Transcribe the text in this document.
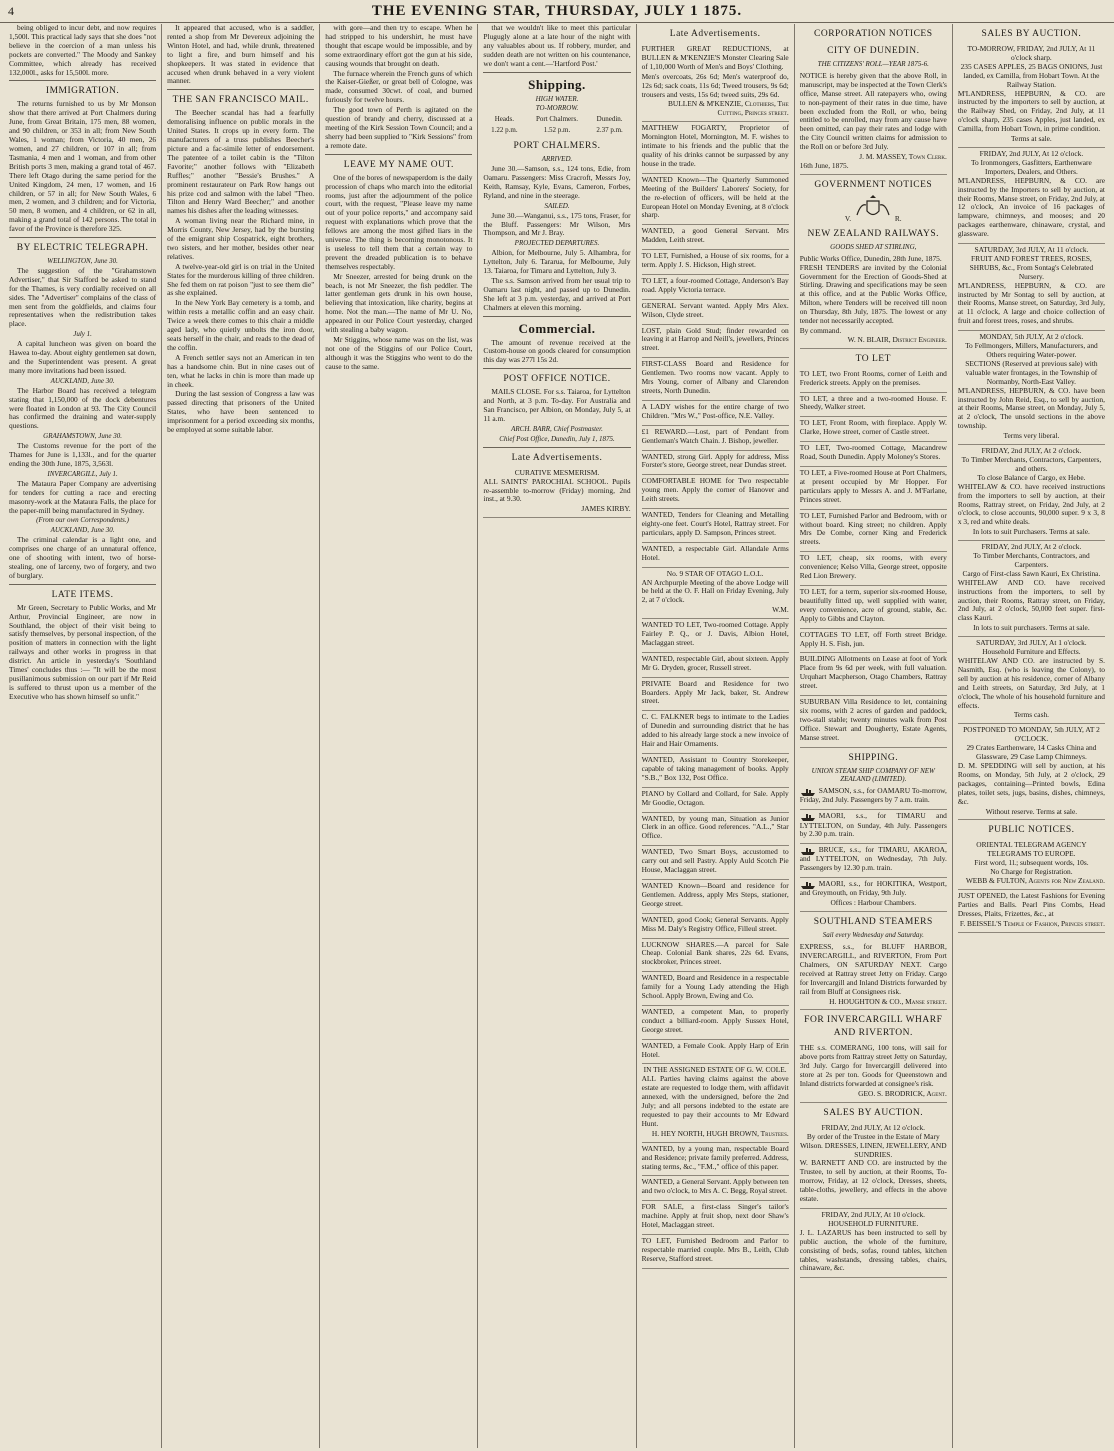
4	THE EVENING STAR, THURSDAY, JULY 1 1875.

being obliged to incur debt, and now requires 1,500l. This practical lady says that she does "not believe in the coercion of a man unless his pockets are converted." The Moody and Sankey Committee, which already has received 132,000l., asks for 15,500l. more.

IMMIGRATION.

The returns furnished to us by Mr Monson show that there arrived at Port Chalmers during June, from Great Britain, 175 men, 88 women, and 90 children, or 353 in all; from New South Wales, 1 woman; from Victoria, 40 men, 26 women, and 27 children, or 107 in all; from Tasmania, 4 men and 1 woman, and from other British ports 3 men, making a grand total of 467. There left Otago during the same period for the United Kingdom, 24 men, 17 women, and 16 children, or 57 in all; for New South Wales, 6 men, 2 women, and 3 children; and for Victoria, 50 men, 8 women, and 4 children, or 62 in all, making a grand total of 142 persons. The total in favor of the Province is therefore 325.

BY ELECTRIC TELEGRAPH.
WELLINGTON, June 30.

The suggestion of the "Grahamstown Advertiser," that Sir Stafford be asked to stand for the Thames, is very cordially received on all sides. The "Advertiser" complains of the class of men sent from the goldfields, and claims four representatives when the redistribution takes place.

July 1.

A capital luncheon was given on board the Hawea to-day. About eighty gentlemen sat down, and the Superintendent was present. A great many more invitations had been issued.

AUCKLAND, June 30.

The Harbor Board has received a telegram stating that 1,150,000 of the dock debentures were floated in London at 93. The City Council has confirmed the draining and water-supply questions.

GRAHAMSTOWN, June 30.

The Customs revenue for the port of the Thames for June is 1,133l., and for the quarter ending the 30th June, 1875, 3,563l.

INVERCARGILL, July 1.

The Mataura Paper Company are advertising for tenders for cutting a race and erecting masonry-work at the Mataura Falls, the place for the paper-mill being manufactured in Sydney.

(From our own Correspondents.)
AUCKLAND, June 30.

The criminal calendar is a light one, and comprises one charge of an unnatural offence, one of shooting with intent, two of horse-stealing, one of larceny, two of forgery, and two of burglary.

LATE ITEMS.

Mr Green, Secretary to Public Works, and Mr Arthur, Provincial Engineer, are now in Southland, the object of their visit being to satisfy themselves, by personal inspection, of the position of matters in connection with the light railways and other works in progress in that district. An article in yesterday's 'Southland Times' concludes thus :— "It will be the most pusillanimous submission on our part if Mr Reid is suffered to thrust upon us a member of the Executive who has shown himself so unfit."

It appeared that accused, who is a saddler, rented a shop from Mr Devereux adjoining the Winton Hotel, and had, while drunk, threatened to light a fire, and burn himself and his shopkeepers. It was stated in evidence that accused when drunk behaved in a very violent manner.

THE SAN FRANCISCO MAIL.

The Beecher scandal has had a fearfully demoralising influence on public morals in the United States. It crops up in every form. The manufacturers of a truss publishes Beecher's picture and a fac-simile letter of endorsement. The patentee of a toilet cabin is the "Tilton Favorite;" another follows with "Elizabeth Ruffles;" another "Bessie's Brushes." A prominent restaurateur on Park Row hangs out his prize cod and salmon with the label "Theo. Tilton and Henry Ward Beecher;" and another names his dishes after the leading witnesses.

A woman living near the Richard mine, in Morris County, New Jersey, had by the bursting of the emigrant ship Cospatrick, eight brothers, two sisters, and her mother, besides other near relatives.

A twelve-year-old girl is on trial in the United States for the murderous killing of three children. She fed them on rat poison "just to see them die" as she explained.

In the New York Bay cemetery is a tomb, and within rests a metallic coffin and an easy chair. Twice a week there comes to this chair a middle aged lady, who quietly unbolts the iron door, seats herself in the chair, and reads to the dead of the coffin.

A French settler says not an American in ten has a handsome chin. But in nine cases out of ten, what he lacks in chin is more than made up in cheek.

During the last session of Congress a law was passed directing that prisoners of the United States, who have been sentenced to imprisonment for a period exceeding six months, be employed at some suitable labor.

with gore—and then try to escape. When he had stripped to his undershirt, he must have thought that escape would be impossible, and by some extraordinary effort got the gun at his side, causing wounds that brought on death.

The furnace wherein the French guns of which the Kaiser-Gießer, or great bell of Cologne, was made, consumed 30cwt. of coal, and burned furiously for twelve hours.

The good town of Perth is agitated on the question of brandy and cherry, discussed at a meeting of the Kirk Session Town Council; and a sherry had been supplied to "Kirk Sessions" from a remote date.

LEAVE MY NAME OUT.

One of the bores of newspaperdom is the daily procession of chaps who march into the editorial rooms, just after the adjournment of the police court, with the request, "Please leave my name out of your police reports," and accompany said request with explanations which prove that the fellows are among the most gifted liars in the universe. The thing is becoming monotonous. It is useless to tell them that a certain way to prevent the dreaded publication is to behave themselves respectably.

Mr Sneezer, arrested for being drunk on the beach, is not Mr Sneezer, the fish peddler. The latter gentleman gets drunk in his own house, believing that intoxication, like charity, begins at home. Not the man.—The name of Mr U. No, appeared in our Police Court yesterday, charged with stealing a baby wagon.

Mr Stiggins, whose name was on the list, was not one of the Stiggins of our Police Court, although it was the Stiggins who went to do the cause to the same.

that we wouldn't like to meet this particular Plugugly alone at a late hour of the night with any valuables about us. If robbery, murder, and sudden death are not written on his countenance, we don't want a cent.—'Hartford Post.'

Shipping.
HIGH WATER.
TO-MORROW.
Heads.	Port Chalmers.	Dunedin.
1.22 p.m.	1.52 p.m.	2.37 p.m.
PORT CHALMERS.
ARRIVED.

June 30.—Samson, s.s., 124 tons, Edie, from Oamaru. Passengers: Miss Cracroft, Messrs Joy, Keith, Ramsay, Kyle, Evans, Cameron, Forbes, Ryland, and nine in the steerage.

SAILED.

June 30.—Wanganui, s.s., 175 tons, Fraser, for the Bluff. Passengers: Mr Wilson, Mrs Thompson, and Mr J. Bray.

PROJECTED DEPARTURES.

Albion, for Melbourne, July 5. Alhambra, for Lyttelton, July 6. Tararua, for Melbourne, July 13. Taiaroa, for Timaru and Lyttelton, July 3.

The s.s. Samson arrived from her usual trip to Oamaru last night, and passed up to Dunedin. She left at 3 p.m. yesterday, and arrived at Port Chalmers at eleven this morning.

Commercial.

The amount of revenue received at the Custom-house on goods cleared for consumption this day was 277l 15s 2d.

POST OFFICE NOTICE.

MAILS CLOSE. For s.s. Taiaroa, for Lyttelton and North, at 3 p.m. To-day. For Australia and San Francisco, per Albion, on Monday, July 5, at 11 a.m.

ARCH. BARR, Chief Postmaster.
Chief Post Office, Dunedin, July 1, 1875.
Late Advertisements.
CURATIVE MESMERISM.

ALL SAINTS' PAROCHIAL SCHOOL. Pupils re-assemble to-morrow (Friday) morning, 2nd inst., at 9.30.

JAMES KIRBY.
Late Advertisements.

FURTHER GREAT REDUCTIONS, at BULLEN & M'KENZIE'S Monster Clearing Sale of 1,10,000 Worth of Men's and Boys' Clothing.

Men's overcoats, 26s 6d; Men's waterproof do, 12s 6d; sack coats, 11s 6d; Tweed trousers, 9s 6d; trousers and vests, 15s 6d; tweed suits, 29s 6d.

BULLEN & M'KENZIE, Clothiers, The Cutting, Princes street.

MATTHEW FOGARTY, Proprietor of Mornington Hotel, Mornington, M. F. wishes to intimate to his friends and the public that the quality of his drinks cannot be surpassed by any house in the trade.

WANTED Known—The Quarterly Summoned Meeting of the Builders' Laborers' Society, for the re-election of officers, will be held at the European Hotel on Monday Evening, at 8 o'clock sharp.

WANTED, a good General Servant. Mrs Madden, Leith street.

TO LET, Furnished, a House of six rooms, for a term. Apply J. S. Hickson, High street.

TO LET, a four-roomed Cottage, Anderson's Bay road. Apply Victoria terrace.

GENERAL Servant wanted. Apply Mrs Alex. Wilson, Clyde street.

LOST, plain Gold Stud; finder rewarded on leaving it at Harrop and Neill's, jewellers, Princes street.

FIRST-CLASS Board and Residence for Gentlemen. Two rooms now vacant. Apply to Mrs Young, corner of Albany and Clarendon streets, North Dunedin.

A LADY wishes for the entire charge of two Children. "Mrs W.," Post-office, N.E. Valley.

£1 REWARD.—Lost, part of Pendant from Gentleman's Watch Chain. J. Bishop, jeweller.

WANTED, strong Girl. Apply for address, Miss Forster's store, George street, near Dundas street.

COMFORTABLE HOME for Two respectable young men. Apply the corner of Hanover and Leith streets.

WANTED, Tenders for Cleaning and Metalling eighty-one feet. Court's Hotel, Rattray street. For particulars, apply D. Sampson, Princes street.

WANTED, a respectable Girl. Allandale Arms Hotel.

No. 9 STAR OF OTAGO L.O.L.

AN Archpurple Meeting of the above Lodge will be held at the O. F. Hall on Friday Evening, July 2, at 7 o'clock.

W.M.

WANTED TO LET, Two-roomed Cottage. Apply Fairley P. Q., or J. Davis, Albion Hotel, Maclaggan street.

WANTED, respectable Girl, about sixteen. Apply Mr G. Dryden, grocer, Russell street.

PRIVATE Board and Residence for two Boarders. Apply Mr Jack, baker, St. Andrew street.

C. C. FALKNER begs to intimate to the Ladies of Dunedin and surrounding district that he has added to his already large stock a new invoice of Hair and Hair Ornaments.

WANTED, Assistant to Country Storekeeper, capable of taking management of books. Apply "S.B.," Box 132, Post Office.

PIANO by Collard and Collard, for Sale. Apply Mr Goodie, Octagon.

WANTED, by young man, Situation as Junior Clerk in an office. Good references. "A.L.," Star Office.

WANTED, Two Smart Boys, accustomed to carry out and sell Pastry. Apply Auld Scotch Pie House, Maclaggan street.

WANTED Known—Board and residence for Gentlemen. Address, apply Mrs Steps, stationer, George street.

WANTED, good Cook; General Servants. Apply Miss M. Daly's Registry Office, Filleul street.

LUCKNOW SHARES.—A parcel for Sale Cheap. Colonial Bank shares, 22s 6d. Evans, stockbroker, Princes street.

WANTED, Board and Residence in a respectable family for a Young Lady attending the High School. Apply Brown, Ewing and Co.

WANTED, a competent Man, to properly conduct a billiard-room. Apply Sussex Hotel, George street.

WANTED, a Female Cook. Apply Harp of Erin Hotel.

IN THE ASSIGNED ESTATE OF G. W. COLE.

ALL Parties having claims against the above estate are requested to lodge them, with affidavit annexed, with the undersigned, before the 2nd July; and all persons indebted to the estate are requested to pay their accounts to Mr Edward Hunt.

H. HEY NORTH, HUGH BROWN, Trustees.

WANTED, by a young man, respectable Board and Residence; private family preferred. Address, stating terms, &c., "F.M.," office of this paper.

WANTED, a General Servant. Apply between ten and two o'clock, to Mrs A. C. Begg, Royal street.

FOR SALE, a first-class Singer's tailor's machine. Apply at fruit shop, next door Shaw's Hotel, Maclaggan street.

TO LET, Furnished Bedroom and Parlor to respectable married couple. Mrs B., Leith, Club Reserve, Stafford street.

CORPORATION NOTICES
CITY OF DUNEDIN.
THE CITIZENS' ROLL—YEAR 1875-6.

NOTICE is hereby given that the above Roll, in manuscript, may be inspected at the Town Clerk's office, Manse street. All ratepayers who, owing to non-payment of their rates in due time, have been excluded from the Roll, or who, being entitled to be enrolled, may from any cause have been omitted, can pay their rates and lodge with the City Council written claims for admission to the Roll on or before 3rd July.

J. M. MASSEY, Town Clerk.
16th June, 1875.
GOVERNMENT NOTICES
V.	R.
NEW ZEALAND RAILWAYS.
GOODS SHED AT STIRLING,
Public Works Office, Dunedin, 28th June, 1875.

FRESH TENDERS are invited by the Colonial Government for the Erection of Goods-Shed at Stirling. Drawing and specifications may be seen at this office, and at the Public Works Office, Milton, where Tenders will be received till noon on Thursday, 8th July, 1875. The lowest or any tender not necessarily accepted.

By command.
W. N. BLAIR, District Engineer.
TO LET

TO LET, two Front Rooms, corner of Leith and Frederick streets. Apply on the premises.

TO LET, a three and a two-roomed House. F. Sheedy, Walker street.

TO LET, Front Room, with fireplace. Apply W. Clarke, Howe street, corner of Castle street.

TO LET, Two-roomed Cottage, Macandrew Road, South Dunedin. Apply Moloney's Stores.

TO LET, a Five-roomed House at Port Chalmers, at present occupied by Mr Hopper. For particulars apply to Messrs A. and J. M'Farlane, Princes street.

TO LET, Furnished Parlor and Bedroom, with or without board. King street; no children. Apply Mrs De Combe, corner King and Frederick streets.

TO LET, cheap, six rooms, with every convenience; Kelso Villa, George street, opposite Red Lion Brewery.

TO LET, for a term, superior six-roomed House, beautifully fitted up, well supplied with water, every convenience, acre of ground, stable, &c. Apply to Gibbs and Clayton.

COTTAGES TO LET, off Forth street Bridge. Apply H. S. Fish, jun.

BUILDING Allotments on Lease at foot of York Place from 9s 6d per week, with full valuation. Urquhart Macpherson, Otago Chambers, Rattray street.

SUBURBAN Villa Residence to let, containing six rooms, with 2 acres of garden and paddock, two-stall stable; twenty minutes walk from Post Office. Stewart and Dougherty, Estate Agents, Manse street.

SHIPPING.
UNION STEAM SHIP COMPANY OF NEW ZEALAND (LIMITED).

SAMSON, s.s., for OAMARU To-morrow, Friday, 2nd July. Passengers by 7 a.m. train.

MAORI, s.s., for TIMARU and LYTTELTON, on Sunday, 4th July. Passengers by 2.30 p.m. train.

BRUCE, s.s., for TIMARU, AKAROA, and LYTTELTON, on Wednesday, 7th July. Passengers by 12.30 p.m. train.

MAORI, s.s., for HOKITIKA, Westport, and Greymouth, on Friday, 9th July.

Offices : Harbour Chambers.
SOUTHLAND STEAMERS
Sail every Wednesday and Saturday.

EXPRESS, s.s., for BLUFF HARBOR, INVERCARGILL, and RIVERTON, From Port Chalmers, ON SATURDAY NEXT. Cargo received at Rattray street Jetty on Friday. Cargo for Invercargill and Inland Districts forwarded by rail from Bluff at Consignees risk.

H. HOUGHTON & CO., Manse street.
FOR INVERCARGILL WHARF AND RIVERTON.

THE s.s. COMERANG, 100 tons, will sail for above ports from Rattray street Jetty on Saturday, 3rd July. Cargo for Invercargill delivered into store at 2s per ton. Goods for Queenstown and Inland districts forwarded at consignee's risk.

GEO. S. BRODRICK, Agent.
SALES BY AUCTION.
FRIDAY, 2nd JULY, At 12 o'clock.
By order of the Trustee in the Estate of Mary Wilson. DRESSES, LINEN, JEWELLERY, AND SUNDRIES.

W. BARNETT AND CO. are instructed by the Trustee, to sell by auction, at their Rooms, To-morrow, Friday, at 12 o'clock, Dresses, sheets, table-cloths, jewellery, and effects in the above estate.

FRIDAY, 2nd JULY, At 10 o'clock.
HOUSEHOLD FURNITURE.

J. L. LAZARUS has been instructed to sell by public auction, the whole of the furniture, consisting of beds, sofas, round tables, kitchen tables, washstands, dressing tables, chairs, chinaware, &c.

SALES BY AUCTION.
TO-MORROW, FRIDAY, 2nd JULY, At 11 o'clock sharp.
235 CASES APPLES, 25 BAGS ONIONS, Just landed, ex Camilla, from Hobart Town. At the Railway Station.

M'LANDRESS, HEPBURN, & CO. are instructed by the importers to sell by auction, at the Railway Shed, on Friday, 2nd July, at 11 o'clock sharp, 235 cases Apples, just landed, ex Camilla, from Hobart Town, in prime condition.

Terms at sale.
FRIDAY, 2nd JULY, At 12 o'clock.
To Ironmongers, Gasfitters, Earthenware Importers, Dealers, and Others.

M'LANDRESS, HEPBURN, & CO. are instructed by the Importers to sell by auction, at their Rooms, Manse street, on Friday, 2nd July, at 12 o'clock, An invoice of 16 packages of lampware, chimneys, and mooses; and 20 packages earthenware, chinaware, crystal, and glassware.

SATURDAY, 3rd JULY, At 11 o'clock.
FRUIT AND FOREST TREES, ROSES, SHRUBS, &c., From Sontag's Celebrated Nursery.

M'LANDRESS, HEPBURN, & CO. are instructed by Mr Sontag to sell by auction, at their Rooms, Manse street, on Saturday, 3rd July, at 11 o'clock, A large and choice collection of fruit and forest trees, roses, and shrubs.

MONDAY, 5th JULY, At 2 o'clock.
To Fellmongers, Millers, Manufacturers, and Others requiring Water-power.
SECTIONS (Reserved at previous sale) with valuable water frontages, in the Township of Normanby, North-East Valley.

M'LANDRESS, HEPBURN, & CO. have been instructed by John Reid, Esq., to sell by auction, at their Rooms, Manse street, on Monday, July 5, at 2 o'clock, The unsold sections in the above township.

Terms very liberal.
FRIDAY, 2nd JULY, At 2 o'clock.
To Timber Merchants, Contractors, Carpenters, and others.
To close Balance of Cargo, ex Hebe.

WHITELAW & CO. have received instructions from the importers to sell by auction, at their Rooms, Rattray street, on Friday, 2nd July, at 2 o'clock, to close accounts, 90,000 super. 9 x 3, 8 x 3, red and white deals.

In lots to suit Purchasers. Terms at sale.
FRIDAY, 2nd JULY, At 2 o'clock.
To Timber Merchants, Contractors, and Carpenters.
Cargo of First-class Sawn Kauri, Ex Christina.

WHITELAW AND CO. have received instructions from the importers, to sell by auction, their Rooms, Rattray street, on Friday, 2nd July, at 2 o'clock, 50,000 feet super. first-class Kauri.

In lots to suit purchasers. Terms at sale.
SATURDAY, 3rd JULY, At 1 o'clock.
Household Furniture and Effects.

WHITELAW AND CO. are instructed by S. Nasmith, Esq. (who is leaving the Colony), to sell by auction at his residence, corner of Albany and Leith streets, on Saturday, 3rd July, at 1 o'clock, The whole of his household furniture and effects.

Terms cash.
POSTPONED TO MONDAY, 5th JULY, AT 2 O'CLOCK.
29 Crates Earthenware, 14 Casks China and Glassware, 29 Case Lamp Chimneys.

D. M. SPEDDING will sell by auction, at his Rooms, on Monday, 5th July, at 2 o'clock, 29 packages, containing—Printed bowls, Edina plates, toilet sets, jugs, basins, dishes, chimneys, &c.

Without reserve. Terms at sale.
PUBLIC NOTICES.
ORIENTAL TELEGRAM AGENCY TELEGRAMS TO EUROPE.
First word, 1l.; subsequent words, 10s.
No Charge for Registration.
WEBB & FULTON, Agents for New Zealand.

JUST OPENED, the Latest Fashions for Evening Parties and Balls. Pearl Pins Combs, Head Dresses, Plaits, Frizettes, &c., at

F. BEISSEL'S Temple of Fashion, Princes street.
